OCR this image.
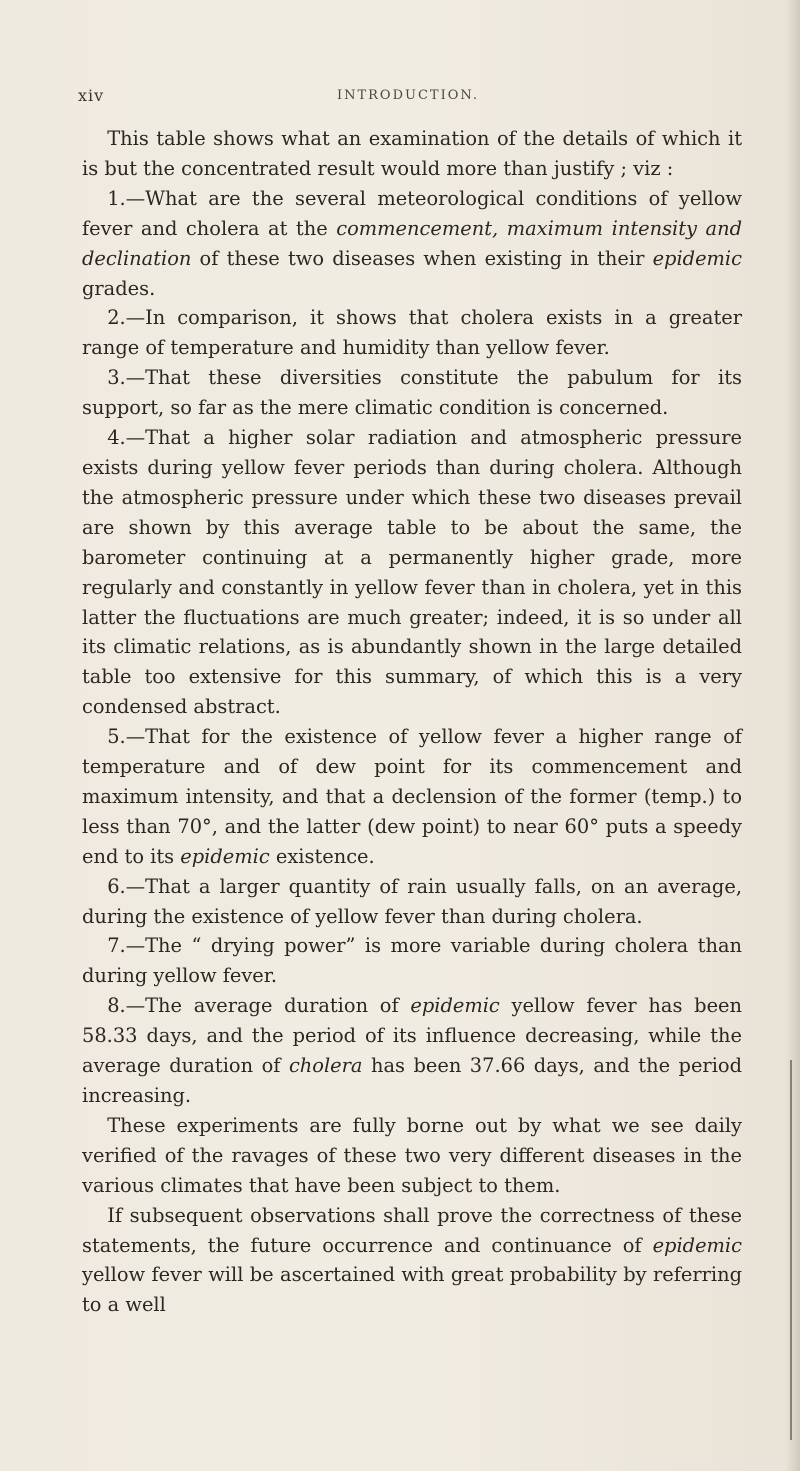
xiv	INTRODUCTION.

This table shows what an examination of the details of which it is but the concentrated result would more than justify ; viz :

1.—What are the several meteorological conditions of yellow fever and cholera at the commencement, maximum intensity and declination of these two diseases when existing in their epidemic grades.

2.—In comparison, it shows that cholera exists in a greater range of temperature and humidity than yellow fever.

3.—That these diversities constitute the pabulum for its support, so far as the mere climatic condition is concerned.

4.—That a higher solar radiation and atmospheric pressure exists during yellow fever periods than during cholera. Although the atmospheric pressure under which these two diseases prevail are shown by this average table to be about the same, the barometer continuing at a permanently higher grade, more regularly and constantly in yellow fever than in cholera, yet in this latter the fluctuations are much greater; indeed, it is so under all its climatic relations, as is abundantly shown in the large detailed table too extensive for this summary, of which this is a very condensed abstract.

5.—That for the existence of yellow fever a higher range of temperature and of dew point for its commencement and maximum intensity, and that a declension of the former (temp.) to less than 70°, and the latter (dew point) to near 60° puts a speedy end to its epidemic existence.

6.—That a larger quantity of rain usually falls, on an average, during the existence of yellow fever than during cholera.

7.—The “ drying power” is more variable during cholera than during yellow fever.

8.—The average duration of epidemic yellow fever has been 58.33 days, and the period of its influence decreasing, while the average duration of cholera has been 37.66 days, and the period increasing.

These experiments are fully borne out by what we see daily verified of the ravages of these two very different diseases in the various climates that have been subject to them.

If subsequent observations shall prove the correctness of these statements, the future occurrence and continuance of epidemic yellow fever will be ascertained with great probability by referring to a well
